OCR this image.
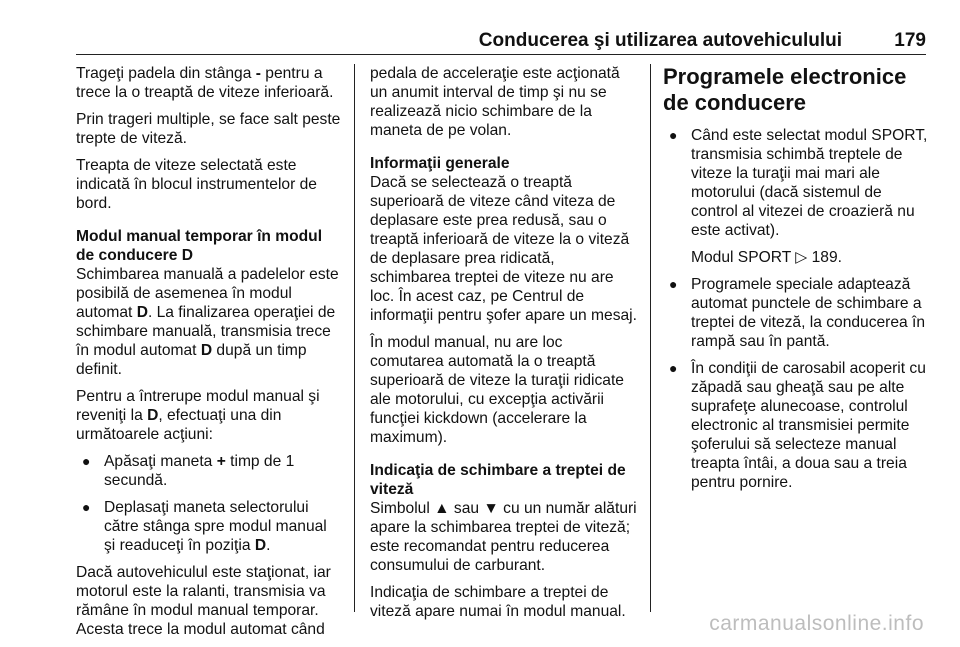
Conducerea şi utilizarea autovehiculului	179

Trageţi padela din stânga - pentru a trece la o treaptă de viteze inferioară.

Prin trageri multiple, se face salt peste trepte de viteză.

Treapta de viteze selectată este indicată în blocul instrumentelor de bord.

Modul manual temporar în modul de conducere D
Schimbarea manuală a padelelor este posibilă de asemenea în modul automat D. La finalizarea operaţiei de schimbare manuală, transmisia trece în modul automat D după un timp definit.

Pentru a întrerupe modul manual şi reveniţi la D, efectuaţi una din următoarele acţiuni:

● Apăsaţi maneta + timp de 1 secundă.
● Deplasaţi maneta selectorului către stânga spre modul manual şi readuceţi în poziţia D.

Dacă autovehiculul este staţionat, iar motorul este la ralanti, transmisia va rămâne în modul manual temporar. Acesta trece la modul automat când

pedala de acceleraţie este acţionată un anumit interval de timp şi nu se realizează nicio schimbare de la maneta de pe volan.

Informaţii generale
Dacă se selectează o treaptă superioară de viteze când viteza de deplasare este prea redusă, sau o treaptă inferioară de viteze la o viteză de deplasare prea ridicată, schimbarea treptei de viteze nu are loc. În acest caz, pe Centrul de informaţii pentru şofer apare un mesaj.

În modul manual, nu are loc comutarea automată la o treaptă superioară de viteze la turaţii ridicate ale motorului, cu excepţia activării funcţiei kickdown (accelerare la maximum).

Indicaţia de schimbare a treptei de viteză
Simbolul ▲ sau ▼ cu un număr alături apare la schimbarea treptei de viteză; este recomandat pentru reducerea consumului de carburant.

Indicaţia de schimbare a treptei de viteză apare numai în modul manual.

Programele electronice de conducere
● Când este selectat modul SPORT, transmisia schimbă treptele de viteze la turaţii mai mari ale motorului (dacă sistemul de control al vitezei de croazieră nu este activat).
Modul SPORT ▷ 189.
● Programele speciale adaptează automat punctele de schimbare a treptei de viteză, la conducerea în rampă sau în pantă.
● În condiţii de carosabil acoperit cu zăpadă sau gheaţă sau pe alte suprafeţe alunecoase, controlul electronic al transmisiei permite şoferului să selecteze manual treapta întâi, a doua sau a treia pentru pornire.
carmanualsonline.info
